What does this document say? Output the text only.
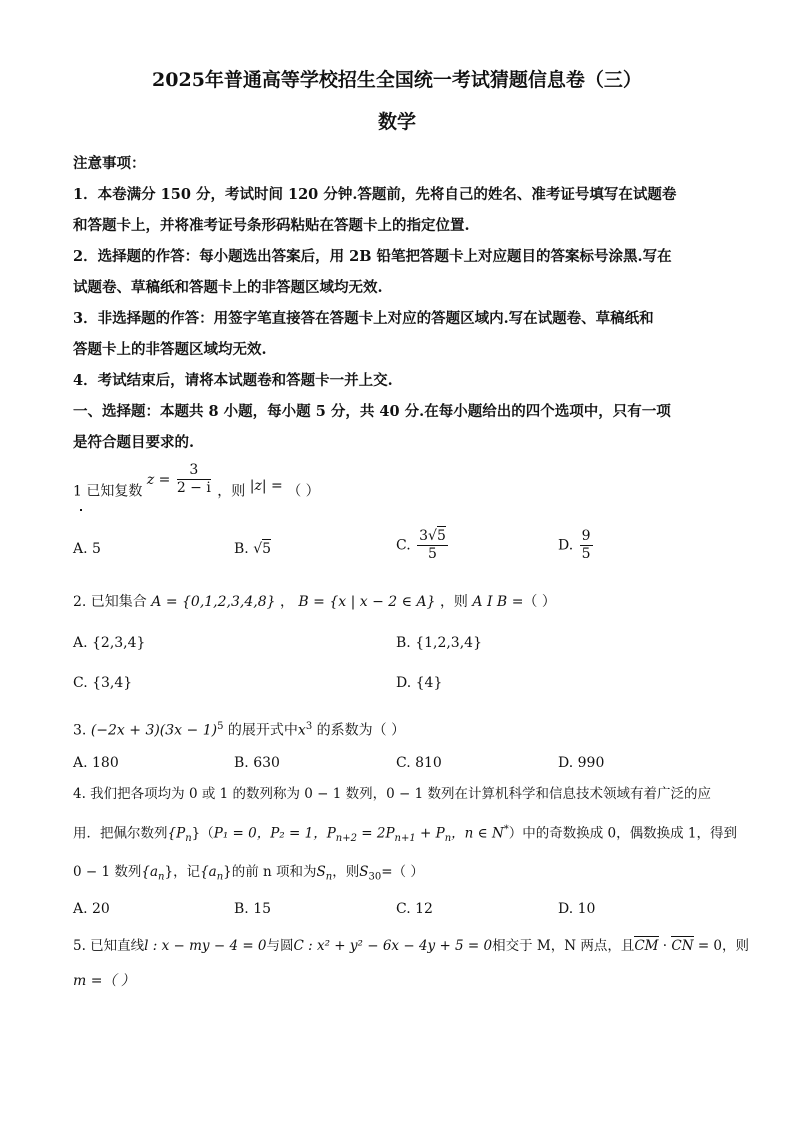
2025年普通高等学校招生全国统一考试猜题信息卷（三）
数学
注意事项：
1．本卷满分 150 分，考试时间 120 分钟.答题前，先将自己的姓名、准考证号填写在试题卷
和答题卡上，并将准考证号条形码粘贴在答题卡上的指定位置.
2．选择题的作答：每小题选出答案后，用 2B 铅笔把答题卡上对应题目的答案标号涂黑.写在
试题卷、草稿纸和答题卡上的非答题区域均无效.
3．非选择题的作答：用签字笔直接答在答题卡上对应的答题区域内.写在试题卷、草稿纸和
答题卡上的非答题区域均无效.
4．考试结束后，请将本试题卷和答题卡一并上交.
一、选择题：本题共 8 小题，每小题 5 分，共 40 分.在每小题给出的四个选项中，只有一项
是符合题目要求的.
1 已知复数 $z = \frac{3}{2 - i}$ ，则 |z| = （ ）
A. 5	B. √5	C. $\frac{3√5}{5}$	D. $\frac{9}{5}$
2. 已知集合 A = {0,1,2,3,4,8} ， B = {x | x − 2 ∈ A} ，则 A I B =（ ）
A. {2,3,4}	B. {1,2,3,4}
C. {3,4}	D. {4}
3. $(-2x + 3)(3x - 1)^5$ 的展开式中$x^3$ 的系数为（ ）
A. 180	B. 630	C. 810	D. 990
4. 我们把各项均为 0 或 1 的数列称为 0 − 1 数列，0 − 1 数列在计算机科学和信息技术领域有着广泛的应
用．把佩尔数列$\{P_n\}(P_1 = 0$，P₂ = 1，$P_{n+2} = 2P_{n+1} + P_n$，n ∈ N*）中的奇数换成 0，偶数换成 1，得到
0 − 1 数列$\{a_n\}$，记$\{a_n\}$的前 n 项和为$S_n$，则$S_{30}=$（ ）
A. 20	B. 15	C. 12	D. 10
5. 已知直线l : x − my − 4 = 0与圆C : x² + y² − 6x − 4y + 5 = 0相交于 M，N 两点，且CM · CN = 0，则
m =（ ）
